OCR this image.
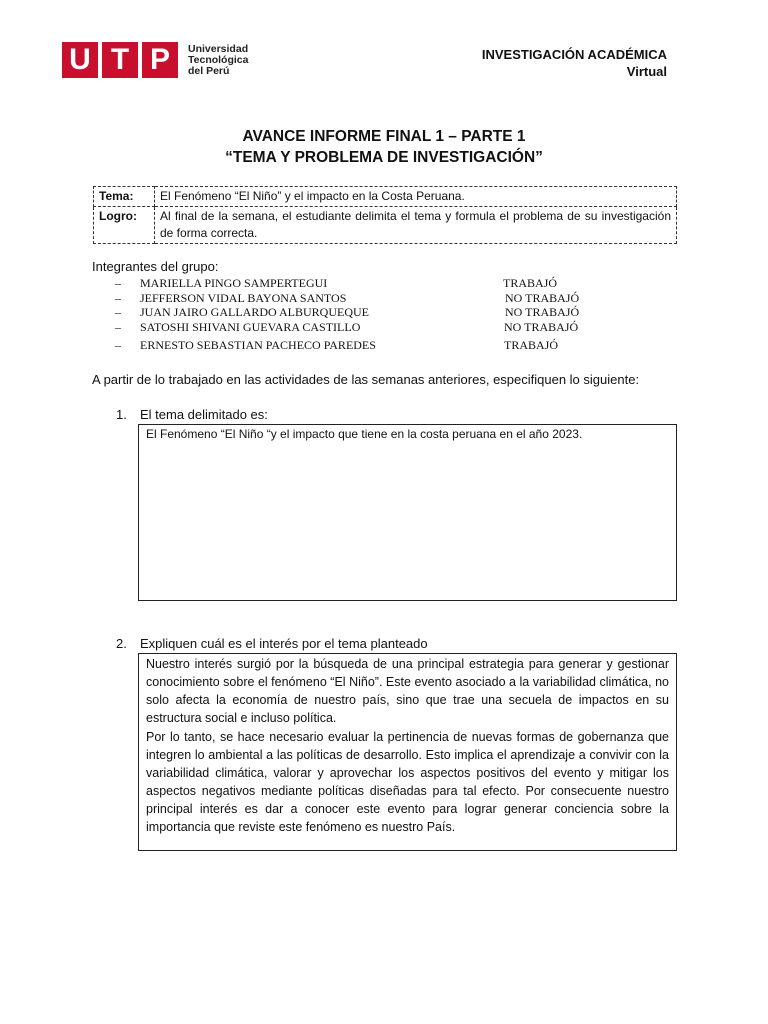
U T P	Universidad
Tecnológica
del Perú
INVESTIGACIÓN ACADÉMICA
Virtual
AVANCE INFORME FINAL 1 – PARTE 1
“TEMA Y PROBLEMA DE INVESTIGACIÓN”
Tema:	El Fenómeno “El Niño” y el impacto en la Costa Peruana.
Logro:	Al final de la semana, el estudiante delimita el tema y formula el problema de su investigación de forma correcta.
Integrantes del grupo:
– MARIELLA PINGO SAMPERTEGUI	TRABAJÓ
– JEFFERSON VIDAL BAYONA SANTOS	NO TRABAJÓ
– JUAN JAIRO GALLARDO ALBURQUEQUE	NO TRABAJÓ
– SATOSHI SHIVANI GUEVARA CASTILLO	NO TRABAJÓ
– ERNESTO SEBASTIAN PACHECO PAREDES	TRABAJÓ
A partir de lo trabajado en las actividades de las semanas anteriores, especifiquen lo siguiente:
1. El tema delimitado es:

El Fenómeno “El Niño “y el impacto que tiene en la costa peruana en el año 2023.

2. Expliquen cuál es el interés por el tema planteado

Nuestro interés surgió por la búsqueda de una principal estrategia para generar y gestionar conocimiento sobre el fenómeno “El Niño”. Este evento asociado a la variabilidad climática, no solo afecta la economía de nuestro país, sino que trae una secuela de impactos en su estructura social e incluso política.

Por lo tanto, se hace necesario evaluar la pertinencia de nuevas formas de gobernanza que integren lo ambiental a las políticas de desarrollo. Esto implica el aprendizaje a convivir con la variabilidad climática, valorar y aprovechar los aspectos positivos del evento y mitigar los aspectos negativos mediante políticas diseñadas para tal efecto. Por consecuente nuestro principal interés es dar a conocer este evento para lograr generar conciencia sobre la importancia que reviste este fenómeno es nuestro País.
